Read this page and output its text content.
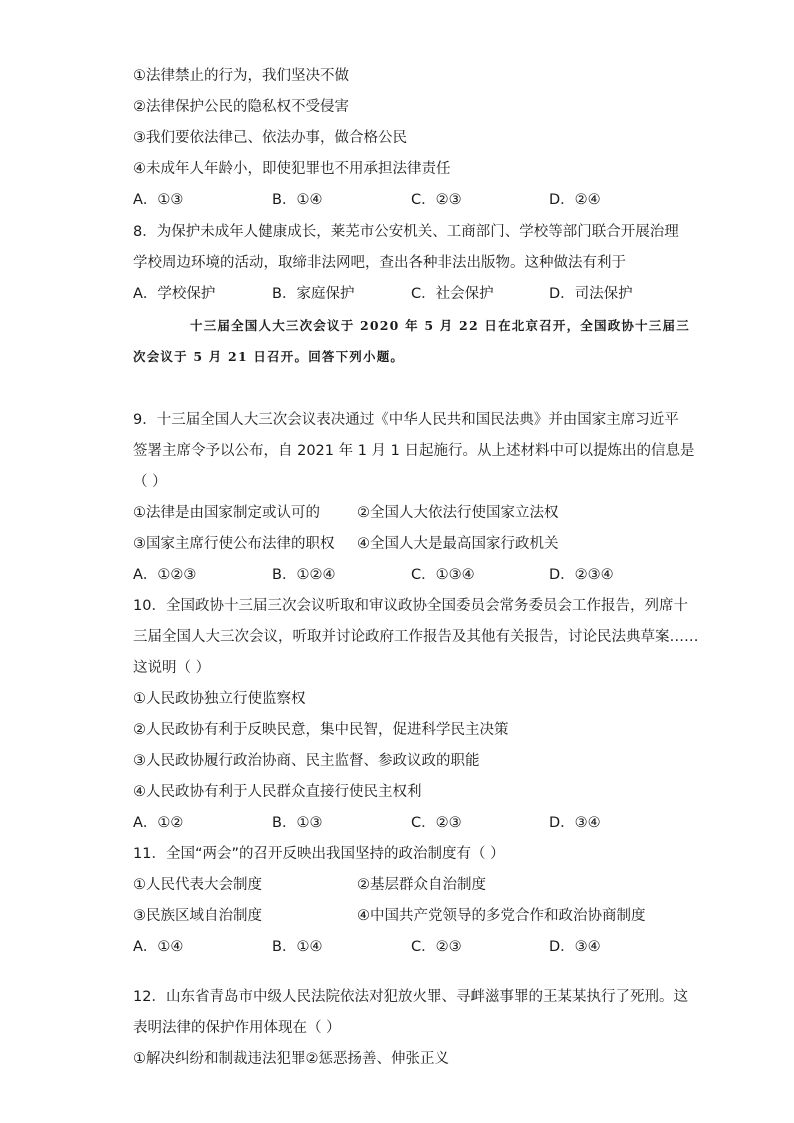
①法律禁止的行为，我们坚决不做
②法律保护公民的隐私权不受侵害
③我们要依法律己、依法办事，做合格公民
④未成年人年龄小，即使犯罪也不用承担法律责任
A．①③	B．①④	C．②③	D．②④
8．为保护未成年人健康成长，莱芜市公安机关、工商部门、学校等部门联合开展治理
学校周边环境的活动，取缔非法网吧，查出各种非法出版物。这种做法有利于
A．学校保护	B．家庭保护	C．社会保护	D．司法保护
十三届全国人大三次会议于 2020 年 5 月 22 日在北京召开，全国政协十三届三
次会议于 5 月 21 日召开。回答下列小题。
9．十三届全国人大三次会议表决通过《中华人民共和国民法典》并由国家主席习近平
签署主席令予以公布，自 2021 年 1 月 1 日起施行。从上述材料中可以提炼出的信息是
（ ）
①法律是由国家制定或认可的	②全国人大依法行使国家立法权
③国家主席行使公布法律的职权 ④全国人大是最高国家行政机关
A．①②③	B．①②④	C．①③④	D．②③④
10．全国政协十三届三次会议听取和审议政协全国委员会常务委员会工作报告，列席十
三届全国人大三次会议，听取并讨论政府工作报告及其他有关报告，讨论民法典草案……
这说明（ ）
①人民政协独立行使监察权
②人民政协有利于反映民意，集中民智，促进科学民主决策
③人民政协履行政治协商、民主监督、参政议政的职能
④人民政协有利于人民群众直接行使民主权利
A．①②	B．①③	C．②③	D．③④
11．全国“两会”的召开反映出我国坚持的政治制度有（ ）
①人民代表大会制度	②基层群众自治制度
③民族区域自治制度	④中国共产党领导的多党合作和政治协商制度
A．①④	B．①④	C．②③	D．③④
12．山东省青岛市中级人民法院依法对犯放火罪、寻衅滋事罪的王某某执行了死刑。这
表明法律的保护作用体现在（ ）
①解决纠纷和制裁违法犯罪②惩恶扬善、伸张正义
